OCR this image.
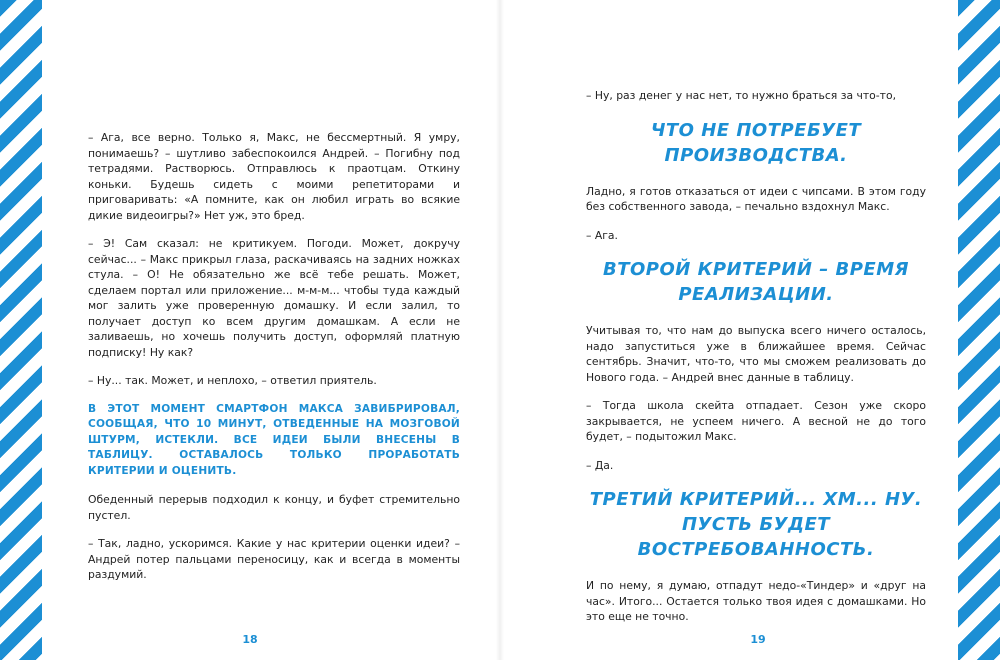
– Ага, все верно. Только я, Макс, не бессмертный. Я умру, понимаешь? – шутливо забеспокоился Андрей. – Погибну под тетрадями. Растворюсь. Отправлюсь к праотцам. Откину коньки. Будешь сидеть с моими репетиторами и приговаривать: «А помните, как он любил играть во всякие дикие видеоигры?» Нет уж, это бред.

– Э! Сам сказал: не критикуем. Погоди. Может, докручу сейчас... – Макс прикрыл глаза, раскачиваясь на задних ножках стула. – О! Не обязательно же всё тебе решать. Может, сделаем портал или приложение... м-м-м... чтобы туда каждый мог залить уже проверенную домашку. И если залил, то получает доступ ко всем другим домашкам. А если не заливаешь, но хочешь получить доступ, оформляй платную подписку! Ну как?

– Ну... так. Может, и неплохо, – ответил приятель.

В ЭТОТ МОМЕНТ СМАРТФОН МАКСА ЗАВИБРИРОВАЛ, СООБЩАЯ, ЧТО 10 МИНУТ, ОТВЕДЕННЫЕ НА МОЗГОВОЙ ШТУРМ, ИСТЕКЛИ. ВСЕ ИДЕИ БЫЛИ ВНЕСЕНЫ В ТАБЛИЦУ. ОСТАВАЛОСЬ ТОЛЬКО ПРОРАБОТАТЬ КРИТЕРИИ И ОЦЕНИТЬ.

Обеденный перерыв подходил к концу, и буфет стремительно пустел.

– Так, ладно, ускоримся. Какие у нас критерии оценки идеи? – Андрей потер пальцами переносицу, как и всегда в моменты раздумий.

18

– Ну, раз денег у нас нет, то нужно браться за что-то,

ЧТО НЕ ПОТРЕБУЕТ ПРОИЗВОДСТВА.

Ладно, я готов отказаться от идеи с чипсами. В этом году без собственного завода, – печально вздохнул Макс.

– Ага.

ВТОРОЙ КРИТЕРИЙ – ВРЕМЯ РЕАЛИЗАЦИИ.

Учитывая то, что нам до выпуска всего ничего осталось, надо запуститься уже в ближайшее время. Сейчас сентябрь. Значит, что-то, что мы сможем реализовать до Нового года. – Андрей внес данные в таблицу.

– Тогда школа скейта отпадает. Сезон уже скоро закрывается, не успеем ничего. А весной не до того будет, – подытожил Макс.

– Да.

ТРЕТИЙ КРИТЕРИЙ... ХМ... НУ. ПУСТЬ БУДЕТ ВОСТРЕБОВАННОСТЬ.

И по нему, я думаю, отпадут недо-«Тиндер» и «друг на час». Итого... Остается только твоя идея с домашками. Но это еще не точно.

19
